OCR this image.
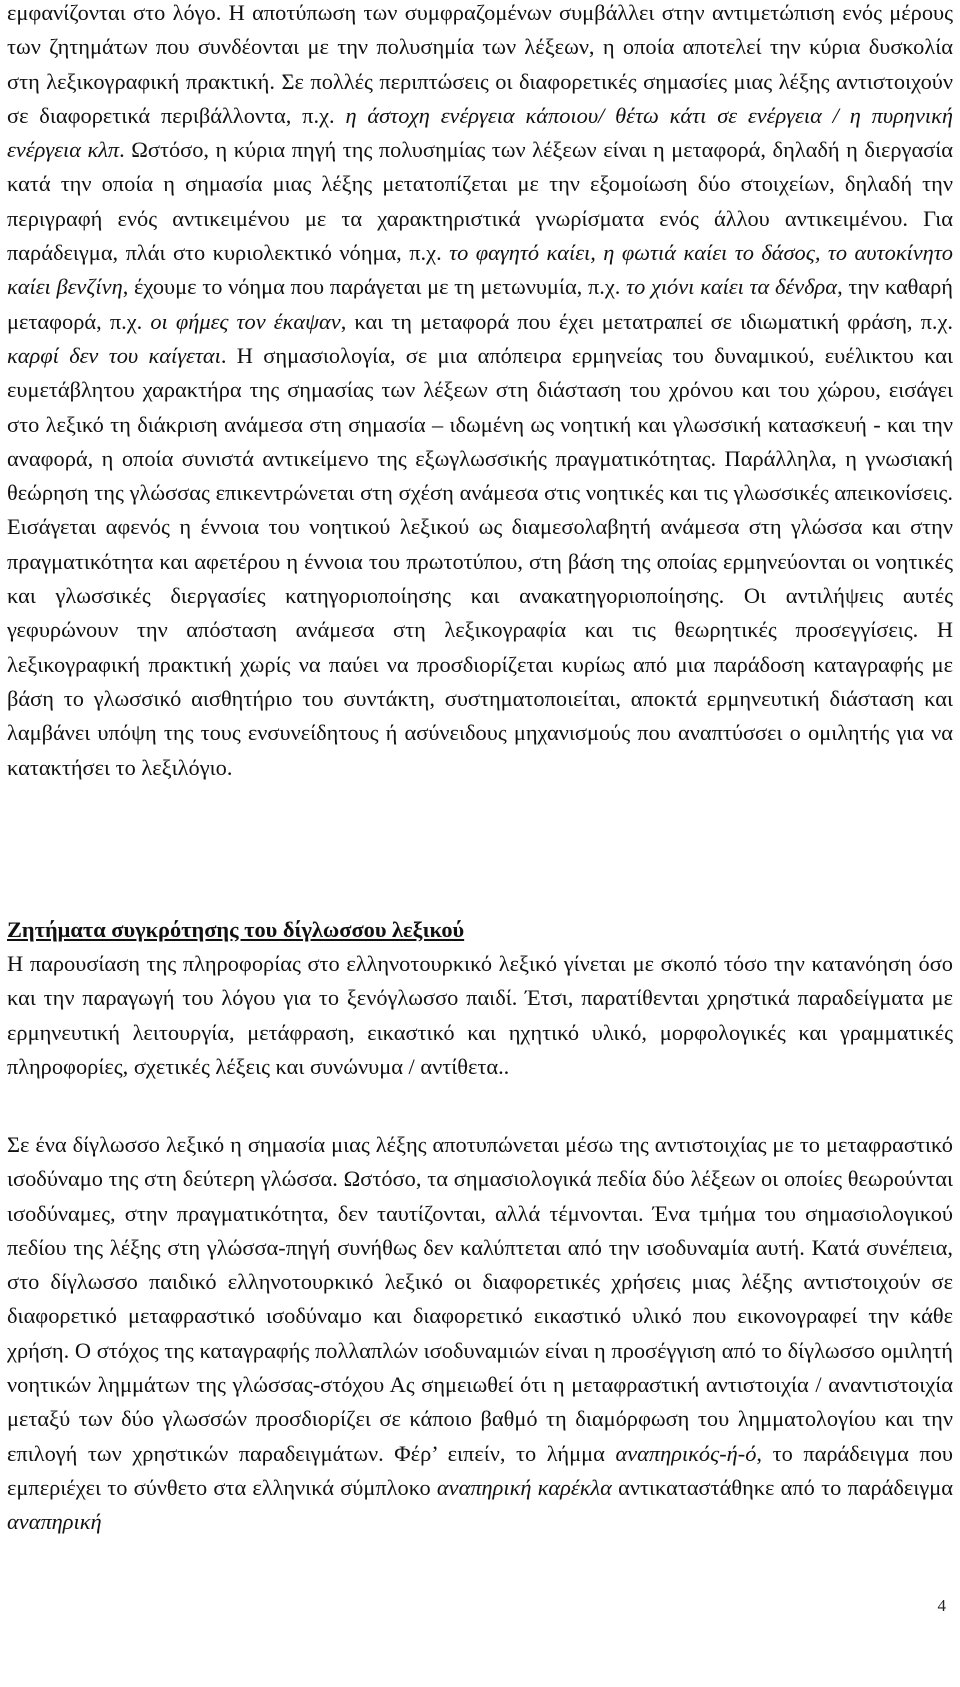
εμφανίζονται στο λόγο. Η αποτύπωση των συμφραζομένων συμβάλλει στην αντιμετώπιση ενός μέρους των ζητημάτων που συνδέονται με την πολυσημία των λέξεων, η οποία αποτελεί την κύρια δυσκολία στη λεξικογραφική πρακτική. Σε πολλές περιπτώσεις οι διαφορετικές σημασίες μιας λέξης αντιστοιχούν σε διαφορετικά περιβάλλοντα, π.χ. η άστοχη ενέργεια κάποιου/ θέτω κάτι σε ενέργεια / η πυρηνική ενέργεια κλπ. Ωστόσο, η κύρια πηγή της πολυσημίας των λέξεων είναι η μεταφορά, δηλαδή η διεργασία κατά την οποία η σημασία μιας λέξης μετατοπίζεται με την εξομοίωση δύο στοιχείων, δηλαδή την περιγραφή ενός αντικειμένου με τα χαρακτηριστικά γνωρίσματα ενός άλλου αντικειμένου. Για παράδειγμα, πλάι στο κυριολεκτικό νόημα, π.χ. το φαγητό καίει, η φωτιά καίει το δάσος, το αυτοκίνητο καίει βενζίνη, έχουμε το νόημα που παράγεται με τη μετωνυμία, π.χ. το χιόνι καίει τα δένδρα, την καθαρή μεταφορά, π.χ. οι φήμες τον έκαψαν, και τη μεταφορά που έχει μετατραπεί σε ιδιωματική φράση, π.χ. καρφί δεν του καίγεται. Η σημασιολογία, σε μια απόπειρα ερμηνείας του δυναμικού, ευέλικτου και ευμετάβλητου χαρακτήρα της σημασίας των λέξεων στη διάσταση του χρόνου και του χώρου, εισάγει στο λεξικό τη διάκριση ανάμεσα στη σημασία – ιδωμένη ως νοητική και γλωσσική κατασκευή - και την αναφορά, η οποία συνιστά αντικείμενο της εξωγλωσσικής πραγματικότητας. Παράλληλα, η γνωσιακή θεώρηση της γλώσσας επικεντρώνεται στη σχέση ανάμεσα στις νοητικές και τις γλωσσικές απεικονίσεις. Εισάγεται αφενός η έννοια του νοητικού λεξικού ως διαμεσολαβητή ανάμεσα στη γλώσσα και στην πραγματικότητα και αφετέρου η έννοια του πρωτοτύπου, στη βάση της οποίας ερμηνεύονται οι νοητικές και γλωσσικές διεργασίες κατηγοριοποίησης και ανακατηγοριοποίησης. Οι αντιλήψεις αυτές γεφυρώνουν την απόσταση ανάμεσα στη λεξικογραφία και τις θεωρητικές προσεγγίσεις. Η λεξικογραφική πρακτική χωρίς να παύει να προσδιορίζεται κυρίως από μια παράδοση καταγραφής με βάση το γλωσσικό αισθητήριο του συντάκτη, συστηματοποιείται, αποκτά ερμηνευτική διάσταση και λαμβάνει υπόψη της τους ενσυνείδητους ή ασύνειδους μηχανισμούς που αναπτύσσει ο ομιλητής για να κατακτήσει το λεξιλόγιο.

Ζητήματα συγκρότησης του δίγλωσσου λεξικού

Η παρουσίαση της πληροφορίας στο ελληνοτουρκικό λεξικό γίνεται με σκοπό τόσο την κατανόηση όσο και την παραγωγή του λόγου για το ξενόγλωσσο παιδί. Έτσι, παρατίθενται χρηστικά παραδείγματα με ερμηνευτική λειτουργία, μετάφραση, εικαστικό και ηχητικό υλικό, μορφολογικές και γραμματικές πληροφορίες, σχετικές λέξεις και συνώνυμα / αντίθετα..

Σε ένα δίγλωσσο λεξικό η σημασία μιας λέξης αποτυπώνεται μέσω της αντιστοιχίας με το μεταφραστικό ισοδύναμο της στη δεύτερη γλώσσα. Ωστόσο, τα σημασιολογικά πεδία δύο λέξεων οι οποίες θεωρούνται ισοδύναμες, στην πραγματικότητα, δεν ταυτίζονται, αλλά τέμνονται. Ένα τμήμα του σημασιολογικού πεδίου της λέξης στη γλώσσα-πηγή συνήθως δεν καλύπτεται από την ισοδυναμία αυτή. Κατά συνέπεια, στο δίγλωσσο παιδικό ελληνοτουρκικό λεξικό οι διαφορετικές χρήσεις μιας λέξης αντιστοιχούν σε διαφορετικό μεταφραστικό ισοδύναμο και διαφορετικό εικαστικό υλικό που εικονογραφεί την κάθε χρήση. Ο στόχος της καταγραφής πολλαπλών ισοδυναμιών είναι η προσέγγιση από το δίγλωσσο ομιλητή νοητικών λημμάτων της γλώσσας-στόχου Ας σημειωθεί ότι η μεταφραστική αντιστοιχία / αναντιστοιχία μεταξύ των δύο γλωσσών προσδιορίζει σε κάποιο βαθμό τη διαμόρφωση του λημματολογίου και την επιλογή των χρηστικών παραδειγμάτων. Φέρ’ ειπείν, το λήμμα αναπηρικός-ή-ό, το παράδειγμα που εμπεριέχει το σύνθετο στα ελληνικά σύμπλοκο αναπηρική καρέκλα αντικαταστάθηκε από το παράδειγμα αναπηρική

4
